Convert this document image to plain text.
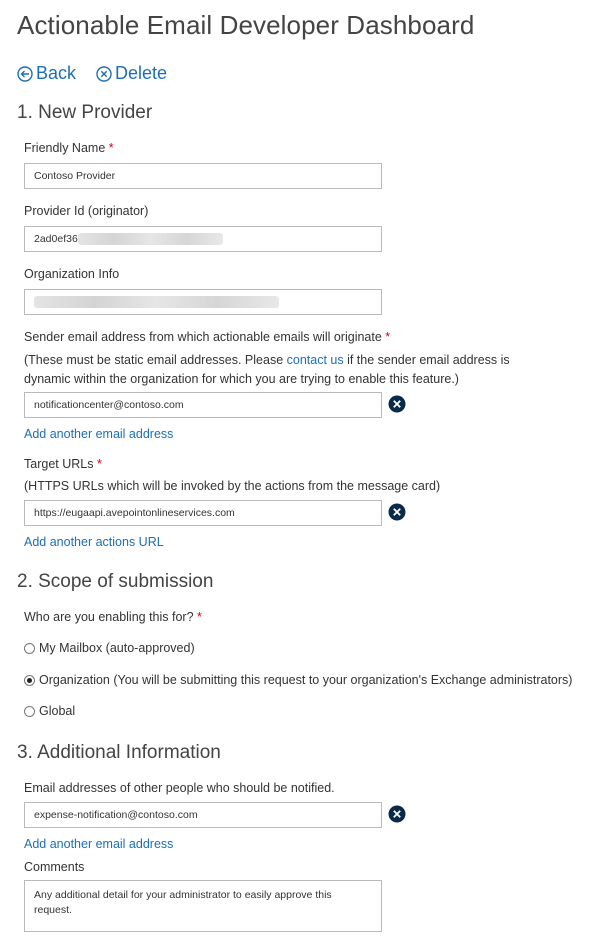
Actionable Email Developer Dashboard
Back Delete
1. New Provider
Friendly Name *
Contoso Provider
Provider Id (originator)
2ad0ef36
Organization Info
Sender email address from which actionable emails will originate *
(These must be static email addresses. Please contact us if the sender email address is dynamic within the organization for which you are trying to enable this feature.)
notificationcenter@contoso.com
Add another email address
Target URLs *
(HTTPS URLs which will be invoked by the actions from the message card)
https://eugaapi.avepointonlineservices.com
Add another actions URL
2. Scope of submission
Who are you enabling this for? *
My Mailbox (auto-approved)
Organization (You will be submitting this request to your organization's Exchange administrators)
Global
3. Additional Information
Email addresses of other people who should be notified.
expense-notification@contoso.com
Add another email address
Comments
Any additional detail for your administrator to easily approve this request.
